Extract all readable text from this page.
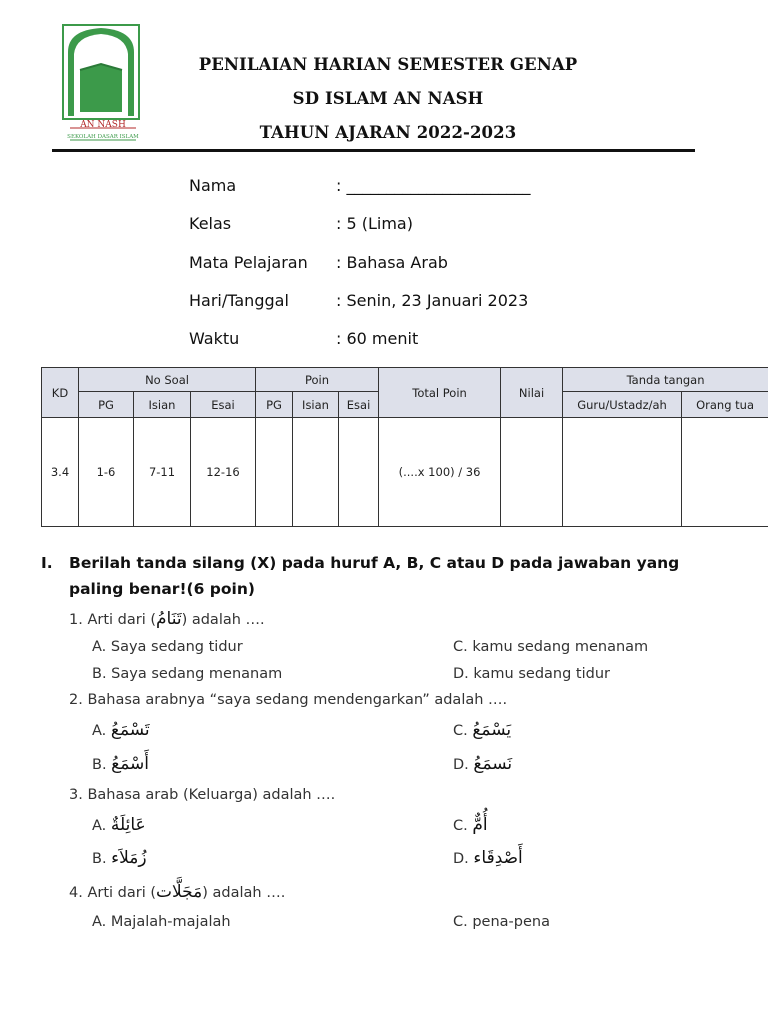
AN NASH
SEKOLAH DASAR ISLAM
PENILAIAN HARIAN SEMESTER GENAP
SD ISLAM AN NASH
TAHUN AJARAN 2022-2023
Nama	: _______________________
Kelas	: 5 (Lima)
Mata Pelajaran : Bahasa Arab
Hari/Tanggal	: Senin, 23 Januari 2023
Waktu	: 60 menit
KD	No Soal			Poin			Total Poin	Nilai	Tanda tangan	
	PG	Isian	Esai	PG	Isian	Esai			Guru/Ustadz/ah	Orang tua
3.4	1-6	7-11	12-16				(....x 100) / 36			
I. Berilah tanda silang (X) pada huruf A, B, C atau D pada jawaban yang paling benar!(6 poin)
1. Arti dari (تَنَامُ) adalah ….
A. Saya sedang tidur	C. kamu sedang menanam
B. Saya sedang menanam	D. kamu sedang tidur
2. Bahasa arabnya “saya sedang mendengarkan” adalah ….
A. تَسْمَعُ	C. يَسْمَعُ
B. أَسْمَعُ	D. نَسمَعُ
3. Bahasa arab (Keluarga) adalah ….
A. عَائِلَةٌ	C. أُمٌّ
B. زُمَلاَء	D. أَصْدِقَاء
4. Arti dari (مَجَلَّات) adalah ….
A. Majalah-majalah	C. pena-pena
